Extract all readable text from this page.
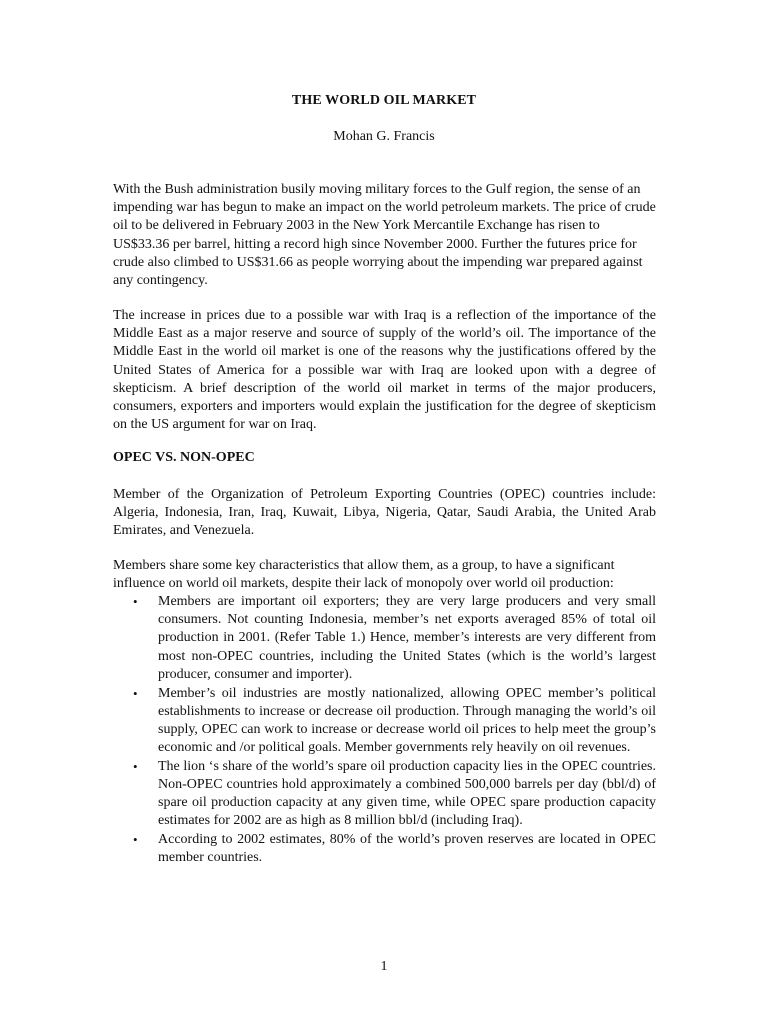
THE WORLD OIL MARKET

Mohan G. Francis

With the Bush administration busily moving military forces to the Gulf region, the sense of an impending war has begun to make an impact on the world petroleum markets. The price of crude oil to be delivered in February 2003 in the New York Mercantile Exchange has risen to US$33.36 per barrel, hitting a record high since November 2000. Further the futures price for crude also climbed to US$31.66 as people worrying about the impending war prepared against any contingency.

The increase in prices due to a possible war with Iraq is a reflection of the importance of the Middle East as a major reserve and source of supply of the world’s oil. The importance of the Middle East in the world oil market is one of the reasons why the justifications offered by the United States of America for a possible war with Iraq are looked upon with a degree of skepticism. A brief description of the world oil market in terms of the major producers, consumers, exporters and importers would explain the justification for the degree of skepticism on the US argument for war on Iraq.

OPEC VS. NON-OPEC

Member of the Organization of Petroleum Exporting Countries (OPEC) countries include: Algeria, Indonesia, Iran, Iraq, Kuwait, Libya, Nigeria, Qatar, Saudi Arabia, the United Arab Emirates, and Venezuela.

Members share some key characteristics that allow them, as a group, to have a significant influence on world oil markets, despite their lack of monopoly over world oil production:

• Members are important oil exporters; they are very large producers and very small consumers. Not counting Indonesia, member’s net exports averaged 85% of total oil production in 2001. (Refer Table 1.) Hence, member’s interests are very different from most non-OPEC countries, including the United States (which is the world’s largest producer, consumer and importer).
• Member’s oil industries are mostly nationalized, allowing OPEC member’s political establishments to increase or decrease oil production. Through managing the world’s oil supply, OPEC can work to increase or decrease world oil prices to help meet the group’s economic and /or political goals. Member governments rely heavily on oil revenues.
• The lion ‘s share of the world’s spare oil production capacity lies in the OPEC countries. Non-OPEC countries hold approximately a combined 500,000 barrels per day (bbl/d) of spare oil production capacity at any given time, while OPEC spare production capacity estimates for 2002 are as high as 8 million bbl/d (including Iraq).
• According to 2002 estimates, 80% of the world’s proven reserves are located in OPEC member countries.

1
